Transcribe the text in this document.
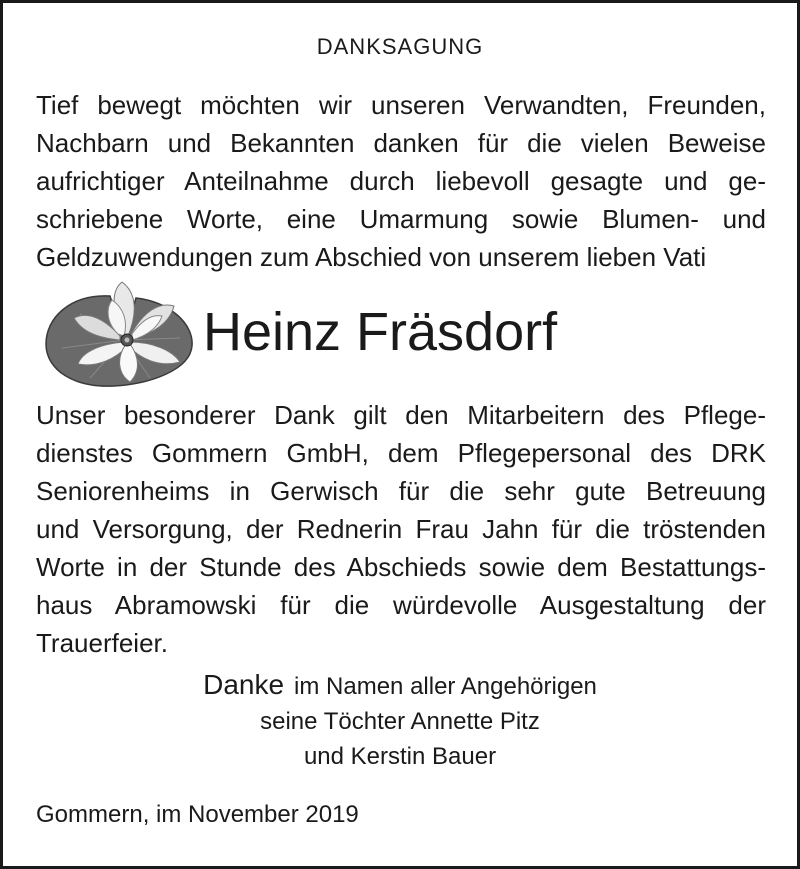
DANKSAGUNG
Tief bewegt möchten wir unseren Verwandten, Freunden,
Nachbarn und Bekannten danken für die vielen Beweise
aufrichtiger Anteilnahme durch liebevoll gesagte und ge-
schriebene Worte, eine Umarmung sowie Blumen- und
Geldzuwendungen zum Abschied von unserem lieben Vati
Heinz Fräsdorf
Unser besonderer Dank gilt den Mitarbeitern des Pflege-
dienstes Gommern GmbH, dem Pflegepersonal des DRK
Seniorenheims in Gerwisch für die sehr gute Betreuung
und Versorgung, der Rednerin Frau Jahn für die tröstenden
Worte in der Stunde des Abschieds sowie dem Bestattungs-
haus Abramowski für die würdevolle Ausgestaltung der
Trauerfeier.
Danke im Namen aller Angehörigen
seine Töchter Annette Pitz
und Kerstin Bauer
Gommern, im November 2019
